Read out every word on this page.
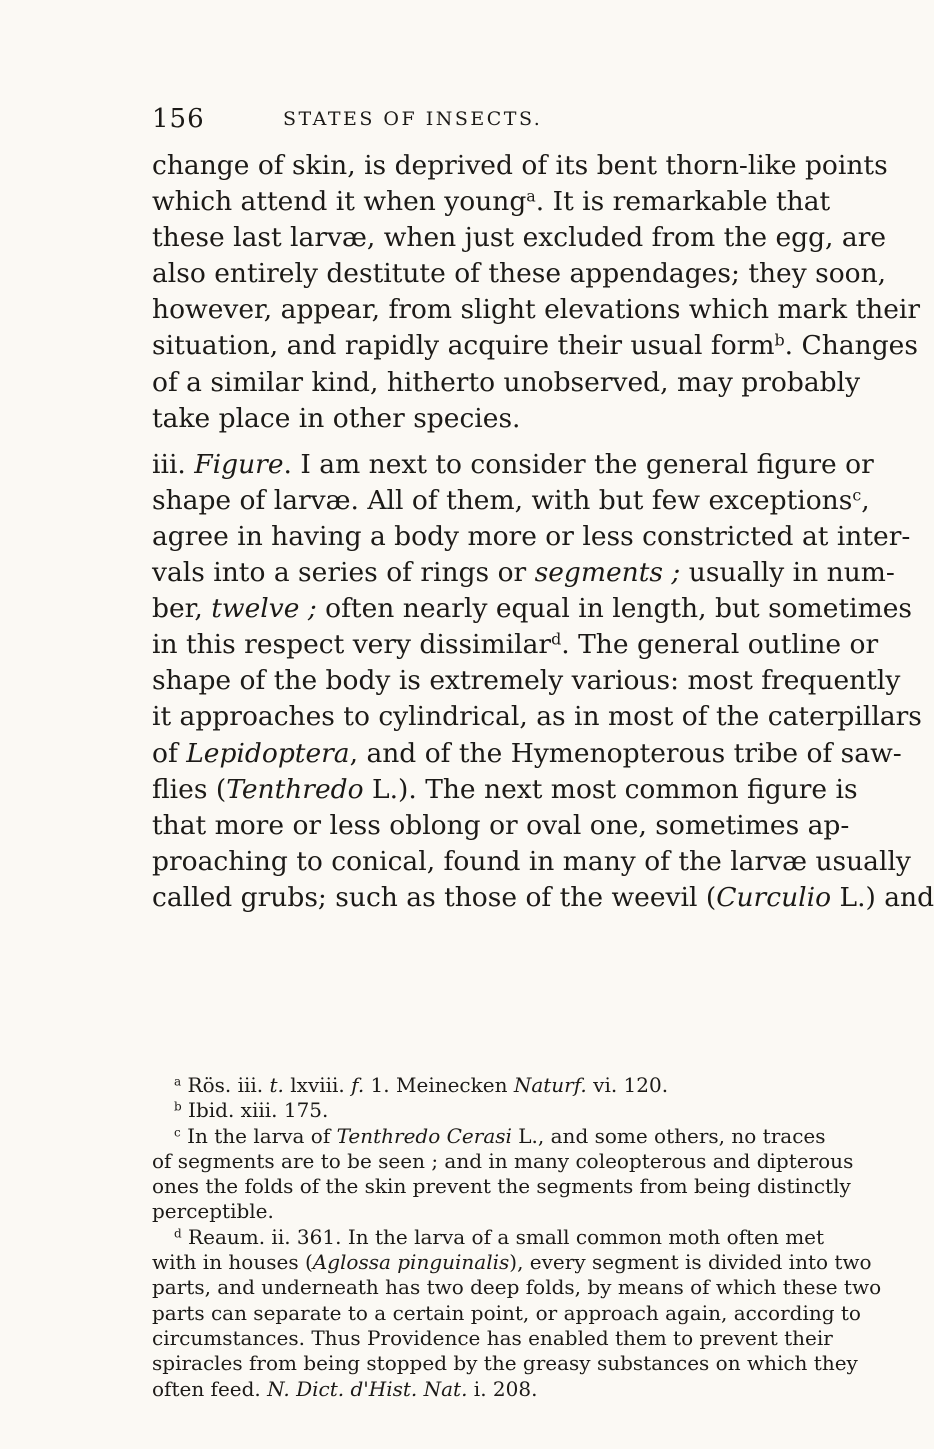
156	STATES OF INSECTS.
change of skin, is deprived of its bent thorn-like points
which attend it when young$^a$. It is remarkable that
these last larvæ, when just excluded from the egg, are
also entirely destitute of these appendages; they soon,
however, appear, from slight elevations which mark their
situation, and rapidly acquire their usual form$^b$. Changes
of a similar kind, hitherto unobserved, may probably
take place in other species.
iii. Figure. I am next to consider the general figure or
shape of larvæ. All of them, with but few exceptions$^c$,
agree in having a body more or less constricted at inter-
vals into a series of rings or segments ; usually in num-
ber, twelve ; often nearly equal in length, but sometimes
in this respect very dissimilar$^d$. The general outline or
shape of the body is extremely various: most frequently
it approaches to cylindrical, as in most of the caterpillars
of Lepidoptera, and of the Hymenopterous tribe of saw-
flies (Tenthredo L.). The next most common figure is
that more or less oblong or oval one, sometimes ap-
proaching to conical, found in many of the larvæ usually
called grubs; such as those of the weevil (Curculio L.) and
$^a$ Rös. iii. t. lxviii. f. 1. Meinecken Naturf. vi. 120.
$^b$ Ibid. xiii. 175.
$^c$ In the larva of Tenthredo Cerasi L., and some others, no traces
of segments are to be seen ; and in many coleopterous and dipterous
ones the folds of the skin prevent the segments from being distinctly
perceptible.
$^d$ Reaum. ii. 361. In the larva of a small common moth often met
with in houses (Aglossa pinguinalis), every segment is divided into two
parts, and underneath has two deep folds, by means of which these two
parts can separate to a certain point, or approach again, according to
circumstances. Thus Providence has enabled them to prevent their
spiracles from being stopped by the greasy substances on which they
often feed. N. Dict. d'Hist. Nat. i. 208.
